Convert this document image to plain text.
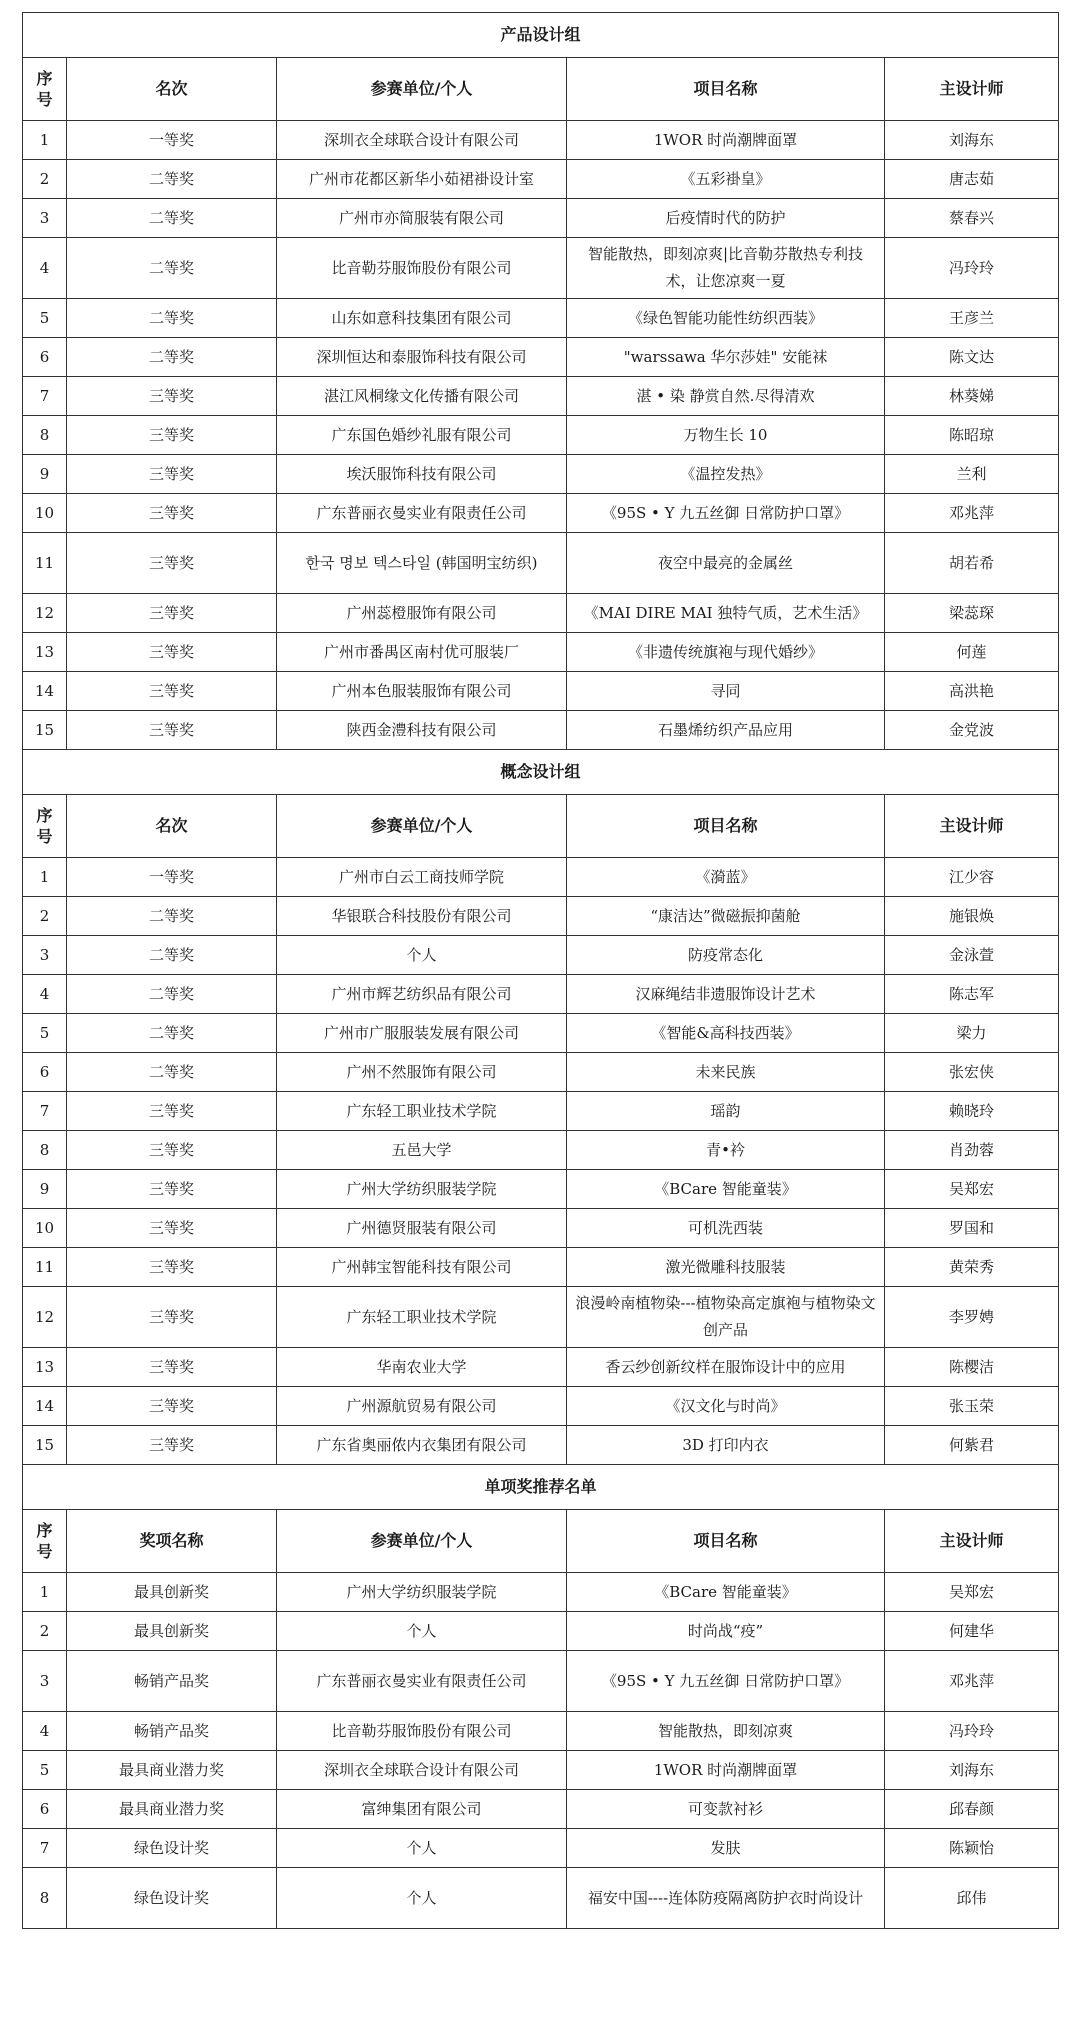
产品设计组				
序号	名次	参赛单位/个人	项目名称	主设计师
1	一等奖	深圳衣全球联合设计有限公司	1WOR 时尚潮牌面罩	刘海东
2	二等奖	广州市花都区新华小茹裙褂设计室	《五彩褂皇》	唐志茹
3	二等奖	广州市亦简服装有限公司	后疫情时代的防护	蔡春兴
4	二等奖	比音勒芬服饰股份有限公司	智能散热，即刻凉爽|比音勒芬散热专利技术，让您凉爽一夏	冯玲玲
5	二等奖	山东如意科技集团有限公司	《绿色智能功能性纺织西装》	王彦兰
6	二等奖	深圳恒达和泰服饰科技有限公司	"warssawa 华尔莎娃" 安能袜	陈文达
7	三等奖	湛江风桐缘文化传播有限公司	湛 • 染 静赏自然.尽得清欢	林葵娣
8	三等奖	广东国色婚纱礼服有限公司	万物生长 10	陈昭琼
9	三等奖	埃沃服饰科技有限公司	《温控发热》	兰利
10	三等奖	广东普丽衣曼实业有限责任公司	《95S • Y 九五丝御 日常防护口罩》	邓兆萍
11	三等奖	한국 명보 텍스타일 (韩国明宝纺织)	夜空中最亮的金属丝	胡若希
12	三等奖	广州蕊橙服饰有限公司	《MAI DIRE MAI 独特气质，艺术生活》	梁蕊琛
13	三等奖	广州市番禺区南村优可服装厂	《非遗传统旗袍与现代婚纱》	何莲
14	三等奖	广州本色服装服饰有限公司	寻同	高洪艳
15	三等奖	陕西金澧科技有限公司	石墨烯纺织产品应用	金党波
概念设计组				
序号	名次	参赛单位/个人	项目名称	主设计师
1	一等奖	广州市白云工商技师学院	《漪蓝》	江少容
2	二等奖	华银联合科技股份有限公司	“康洁达”微磁振抑菌舱	施银焕
3	二等奖	个人	防疫常态化	金泳萱
4	二等奖	广州市辉艺纺织品有限公司	汉麻绳结非遗服饰设计艺术	陈志军
5	二等奖	广州市广服服装发展有限公司	《智能&高科技西装》	梁力
6	二等奖	广州不然服饰有限公司	未来民族	张宏侠
7	三等奖	广东轻工职业技术学院	瑶韵	赖晓玲
8	三等奖	五邑大学	青•衿	肖劲蓉
9	三等奖	广州大学纺织服装学院	《BCare 智能童装》	吴郑宏
10	三等奖	广州德贤服装有限公司	可机洗西装	罗国和
11	三等奖	广州韩宝智能科技有限公司	激光微雕科技服装	黄荣秀
12	三等奖	广东轻工职业技术学院	浪漫岭南植物染---植物染高定旗袍与植物染文创产品	李罗娉
13	三等奖	华南农业大学	香云纱创新纹样在服饰设计中的应用	陈樱洁
14	三等奖	广州源航贸易有限公司	《汉文化与时尚》	张玉荣
15	三等奖	广东省奥丽侬内衣集团有限公司	3D 打印内衣	何紫君
单项奖推荐名单				
序号	奖项名称	参赛单位/个人	项目名称	主设计师
1	最具创新奖	广州大学纺织服装学院	《BCare 智能童装》	吴郑宏
2	最具创新奖	个人	时尚战“疫”	何建华
3	畅销产品奖	广东普丽衣曼实业有限责任公司	《95S • Y 九五丝御 日常防护口罩》	邓兆萍
4	畅销产品奖	比音勒芬服饰股份有限公司	智能散热，即刻凉爽	冯玲玲
5	最具商业潜力奖	深圳衣全球联合设计有限公司	1WOR 时尚潮牌面罩	刘海东
6	最具商业潜力奖	富绅集团有限公司	可变款衬衫	邱春颜
7	绿色设计奖	个人	发肤	陈颖怡
8	绿色设计奖	个人	福安中国----连体防疫隔离防护衣时尚设计	邱伟
